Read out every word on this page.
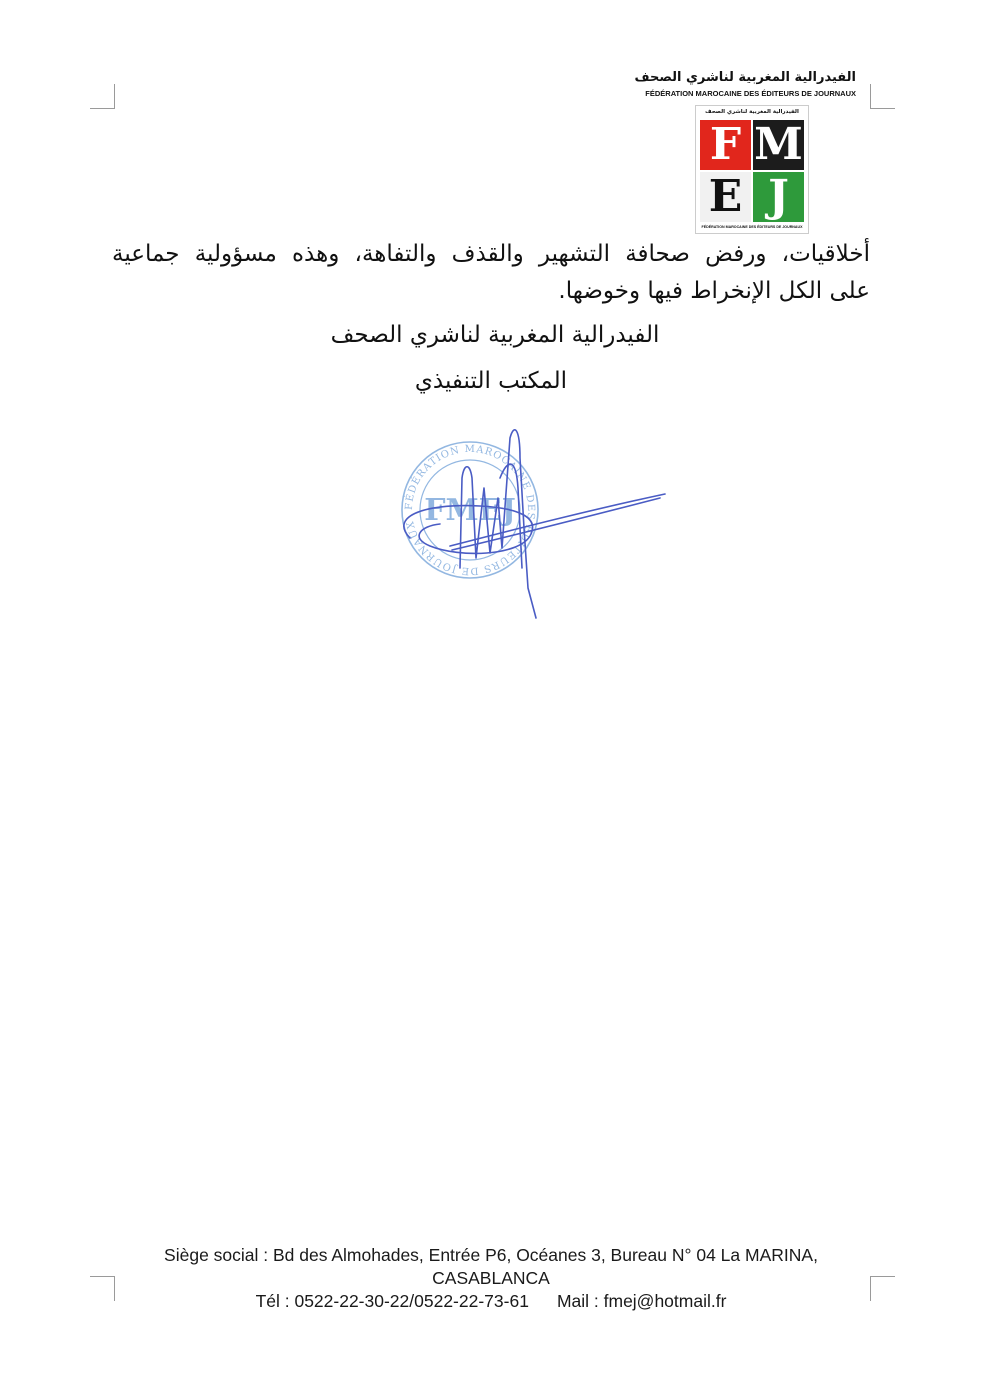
الفيدرالية المغربية لناشري الصحف
FÉDÉRATION MAROCAINE DES ÉDITEURS DE JOURNAUX
الفيدرالية المغربية لناشري الصحف
F M
E J
FÉDÉRATION MAROCAINE DES ÉDITEURS DE JOURNAUX
أخلاقيات، ورفض صحافة التشهير والقذف والتفاهة، وهذه مسؤولية جماعية
على الكل الإنخراط فيها وخوضها.
الفيدرالية المغربية لناشري الصحف
المكتب التنفيذي
FÉDÉRATION MAROCAINE DES ÉDITEURS DE JOURNAUX FMEJ
Siège social : Bd des Almohades, Entrée P6, Océanes 3, Bureau N° 04 La MARINA,
CASABLANCA
Tél : 0522-22-30-22/0522-22-73-61 Mail : fmej@hotmail.fr
